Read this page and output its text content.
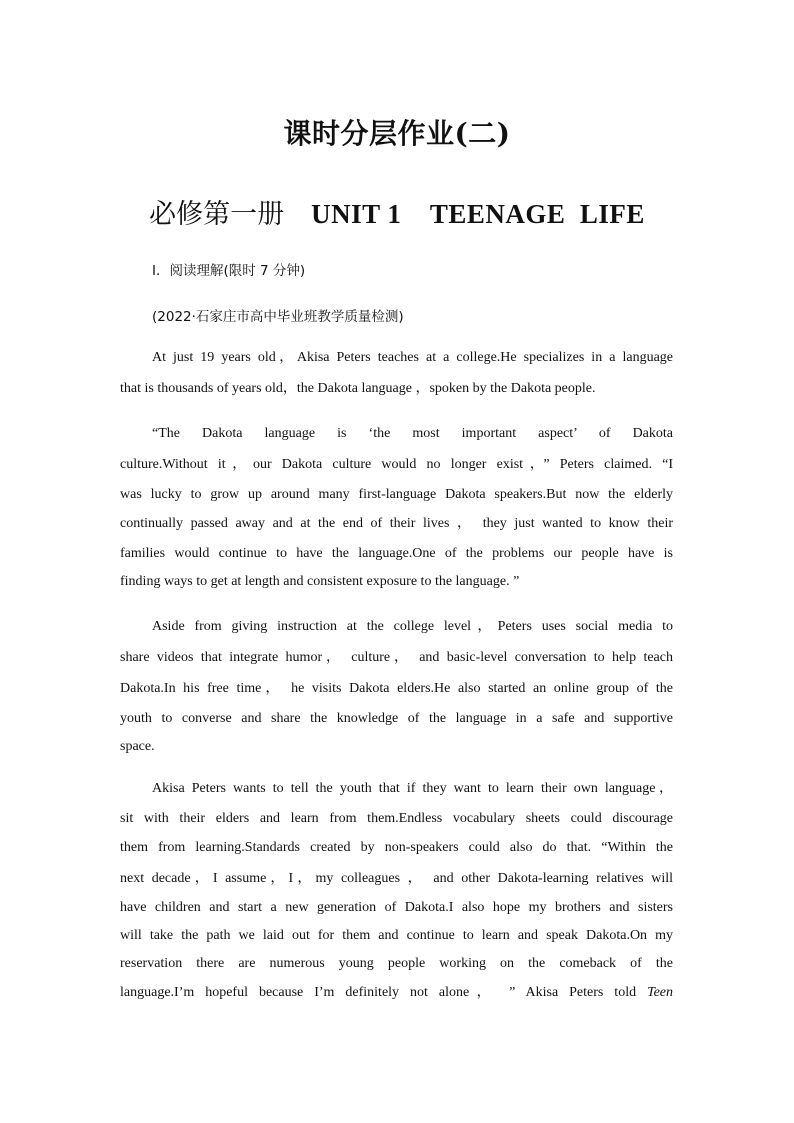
课时分层作业(二)
必修第一册 UNIT 1    TEENAGE  LIFE
Ⅰ．阅读理解(限时 7 分钟)
(2022·石家庄市高中毕业班教学质量检测)
At just 19 years old，Akisa Peters teaches at a college.He specializes in a language
that is thousands of years old，the Dakota language ，spoken by the Dakota people.
“The Dakota language is ‘the most important aspect’ of Dakota
culture.Without it，our Dakota culture would no longer exist，” Peters claimed. “I
was lucky to grow up around many first-language Dakota speakers.But now the elderly
continually passed away and at the end of their lives ， they just wanted to know their
families would continue to have the language.One of the problems our people have is
finding ways to get at length and consistent exposure to the language. ”
Aside from giving instruction at the college level，Peters uses social media to
share videos that integrate humor， culture， and basic-level conversation to help teach
Dakota.In his free time， he visits Dakota elders.He also started an online group of the
youth to converse and share the knowledge of the language in a safe and supportive
space.
Akisa Peters wants to tell the youth that if they want to learn their own language，
sit with their elders and learn from them.Endless vocabulary sheets could discourage
them from learning.Standards created by non-speakers could also do that. “Within the
next decade，I assume，I，my colleagues ， and other Dakota-learning relatives will
have children and start a new generation of Dakota.I also hope my brothers and sisters
will take the path we laid out for them and continue to learn and speak Dakota.On my
reservation there are numerous young people working on the comeback of the
language.I’m hopeful because I’m definitely not alone， ” Akisa Peters told Teen
